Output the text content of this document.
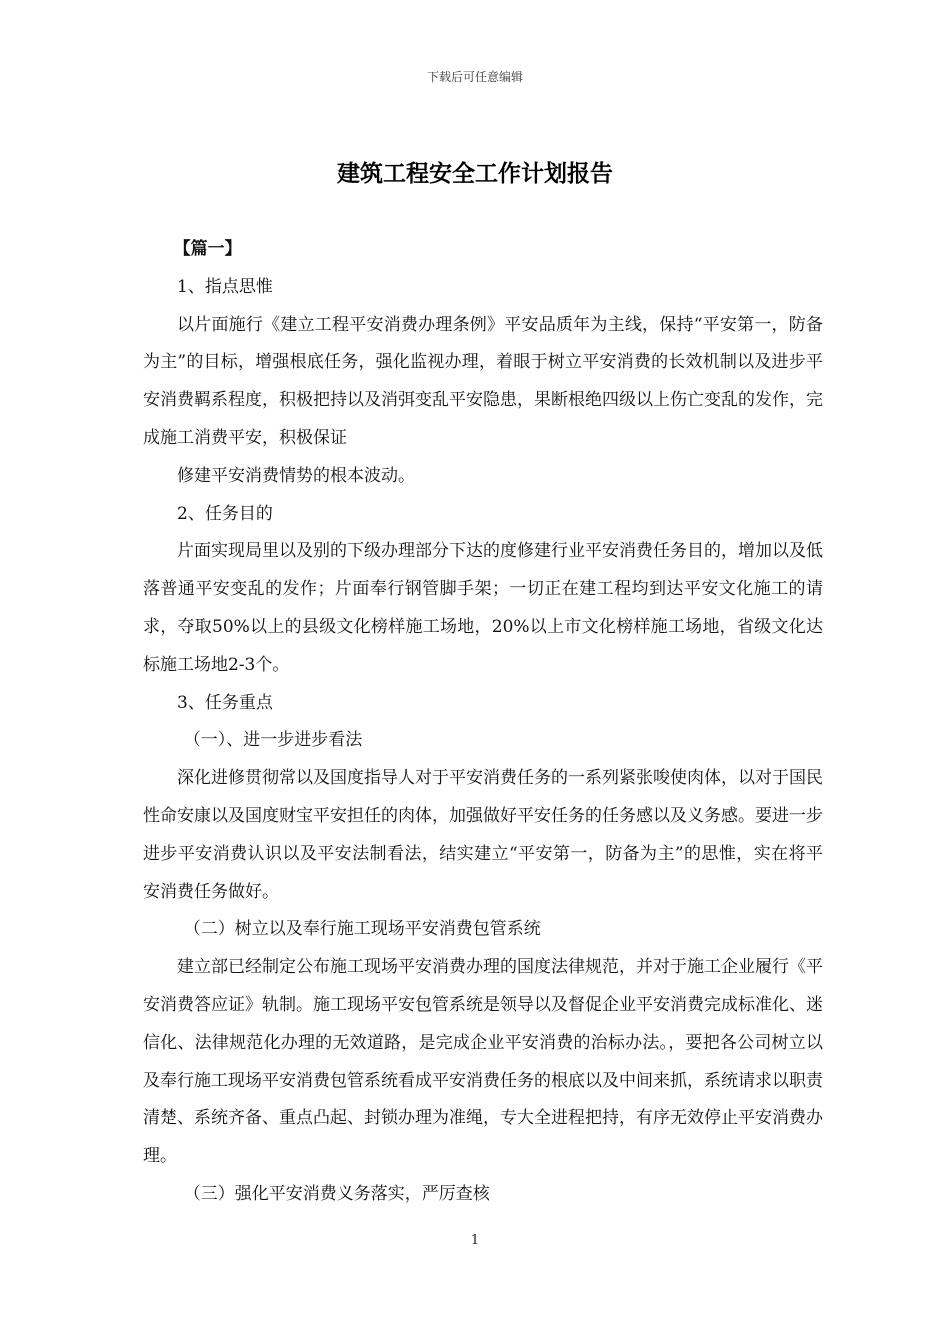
下载后可任意编辑
建筑工程安全工作计划报告

【篇一】

1、指点思惟

以片面施行《建立工程平安消费办理条例》平安品质年为主线，保持“平安第一，防备为主”的目标，增强根底任务，强化监视办理，着眼于树立平安消费的长效机制以及进步平安消费羁系程度，积极把持以及消弭变乱平安隐患，果断根绝四级以上伤亡变乱的发作，完成施工消费平安，积极保证

修建平安消费情势的根本波动。

2、任务目的

片面实现局里以及别的下级办理部分下达的度修建行业平安消费任务目的，增加以及低落普通平安变乱的发作；片面奉行钢管脚手架；一切正在建工程均到达平安文化施工的请求，夺取50%以上的县级文化榜样施工场地，20%以上市文化榜样施工场地，省级文化达标施工场地2-3个。

3、任务重点

（一）、进一步进步看法

深化进修贯彻常以及国度指导人对于平安消费任务的一系列紧张唆使肉体，以对于国民性命安康以及国度财宝平安担任的肉体，加强做好平安任务的任务感以及义务感。要进一步进步平安消费认识以及平安法制看法，结实建立“平安第一，防备为主”的思惟，实在将平安消费任务做好。

（二）树立以及奉行施工现场平安消费包管系统

建立部已经制定公布施工现场平安消费办理的国度法律规范，并对于施工企业履行《平安消费答应证》轨制。施工现场平安包管系统是领导以及督促企业平安消费完成标准化、迷信化、法律规范化办理的无效道路，是完成企业平安消费的治标办法。，要把各公司树立以及奉行施工现场平安消费包管系统看成平安消费任务的根底以及中间来抓，系统请求以职责清楚、系统齐备、重点凸起、封锁办理为准绳，专大全进程把持，有序无效停止平安消费办理。

（三）强化平安消费义务落实，严厉查核

1
